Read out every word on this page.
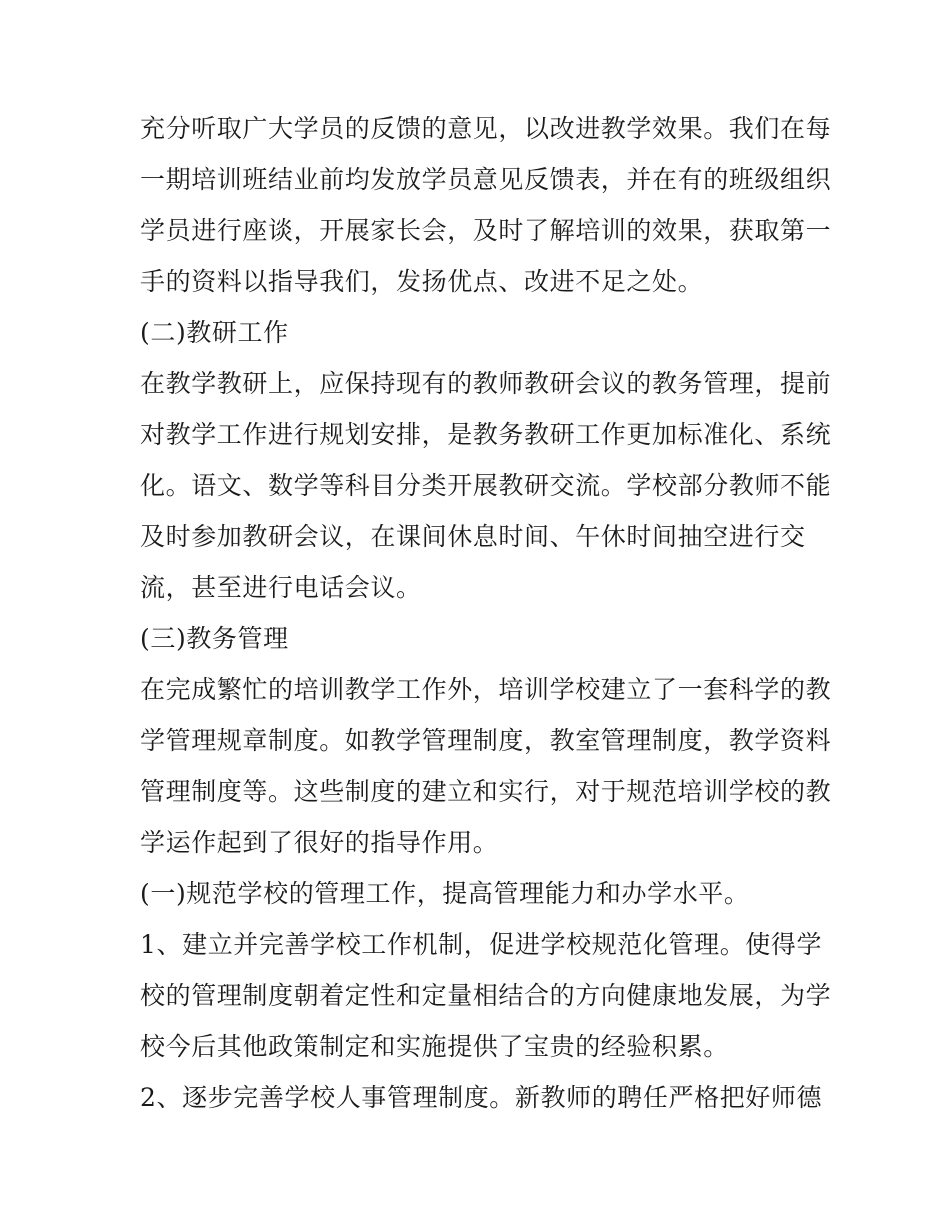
充分听取广大学员的反馈的意见，以改进教学效果。我们在每
一期培训班结业前均发放学员意见反馈表，并在有的班级组织
学员进行座谈，开展家长会，及时了解培训的效果，获取第一
手的资料以指导我们，发扬优点、改进不足之处。
(二)教研工作
在教学教研上，应保持现有的教师教研会议的教务管理，提前
对教学工作进行规划安排，是教务教研工作更加标准化、系统
化。语文、数学等科目分类开展教研交流。学校部分教师不能
及时参加教研会议，在课间休息时间、午休时间抽空进行交
流，甚至进行电话会议。
(三)教务管理
在完成繁忙的培训教学工作外，培训学校建立了一套科学的教
学管理规章制度。如教学管理制度，教室管理制度，教学资料
管理制度等。这些制度的建立和实行，对于规范培训学校的教
学运作起到了很好的指导作用。
(一)规范学校的管理工作，提高管理能力和办学水平。
1、建立并完善学校工作机制，促进学校规范化管理。使得学
校的管理制度朝着定性和定量相结合的方向健康地发展，为学
校今后其他政策制定和实施提供了宝贵的经验积累。
2、逐步完善学校人事管理制度。新教师的聘任严格把好师德
